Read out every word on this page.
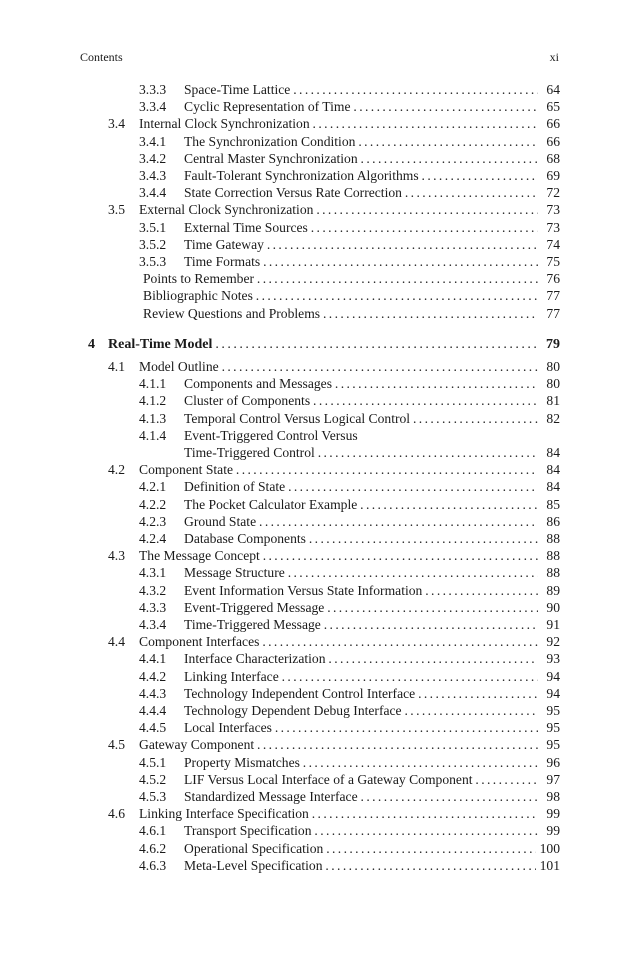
Contents	xi
3.3.3 Space-Time Lattice . . .	64
3.3.4 Cyclic Representation of Time . . .	65
3.4 Internal Clock Synchronization . . .	66
3.4.1 The Synchronization Condition . . .	66
3.4.2 Central Master Synchronization . . .	68
3.4.3 Fault-Tolerant Synchronization Algorithms . . .	69
3.4.4 State Correction Versus Rate Correction . . .	72
3.5 External Clock Synchronization . . .	73
3.5.1 External Time Sources . . .	73
3.5.2 Time Gateway . . .	74
3.5.3 Time Formats . . .	75
Points to Remember . . .	76
Bibliographic Notes . . .	77
Review Questions and Problems . . .	77
4 Real-Time Model . . .	79
4.1 Model Outline . . .	80
4.1.1 Components and Messages . . .	80
4.1.2 Cluster of Components . . .	81
4.1.3 Temporal Control Versus Logical Control . . .	82
4.1.4 Event-Triggered Control Versus
Time-Triggered Control . . .	84
4.2 Component State . . .	84
4.2.1 Definition of State . . .	84
4.2.2 The Pocket Calculator Example . . .	85
4.2.3 Ground State . . .	86
4.2.4 Database Components . . .	88
4.3 The Message Concept . . .	88
4.3.1 Message Structure . . .	88
4.3.2 Event Information Versus State Information . . .	89
4.3.3 Event-Triggered Message . . .	90
4.3.4 Time-Triggered Message . . .	91
4.4 Component Interfaces . . .	92
4.4.1 Interface Characterization . . .	93
4.4.2 Linking Interface . . .	94
4.4.3 Technology Independent Control Interface . . .	94
4.4.4 Technology Dependent Debug Interface . . .	95
4.4.5 Local Interfaces . . .	95
4.5 Gateway Component . . .	95
4.5.1 Property Mismatches . . .	96
4.5.2 LIF Versus Local Interface of a Gateway Component . . .	97
4.5.3 Standardized Message Interface . . .	98
4.6 Linking Interface Specification . . .	99
4.6.1 Transport Specification . . .	99
4.6.2 Operational Specification . . .	100
4.6.3 Meta-Level Specification . . .	101
